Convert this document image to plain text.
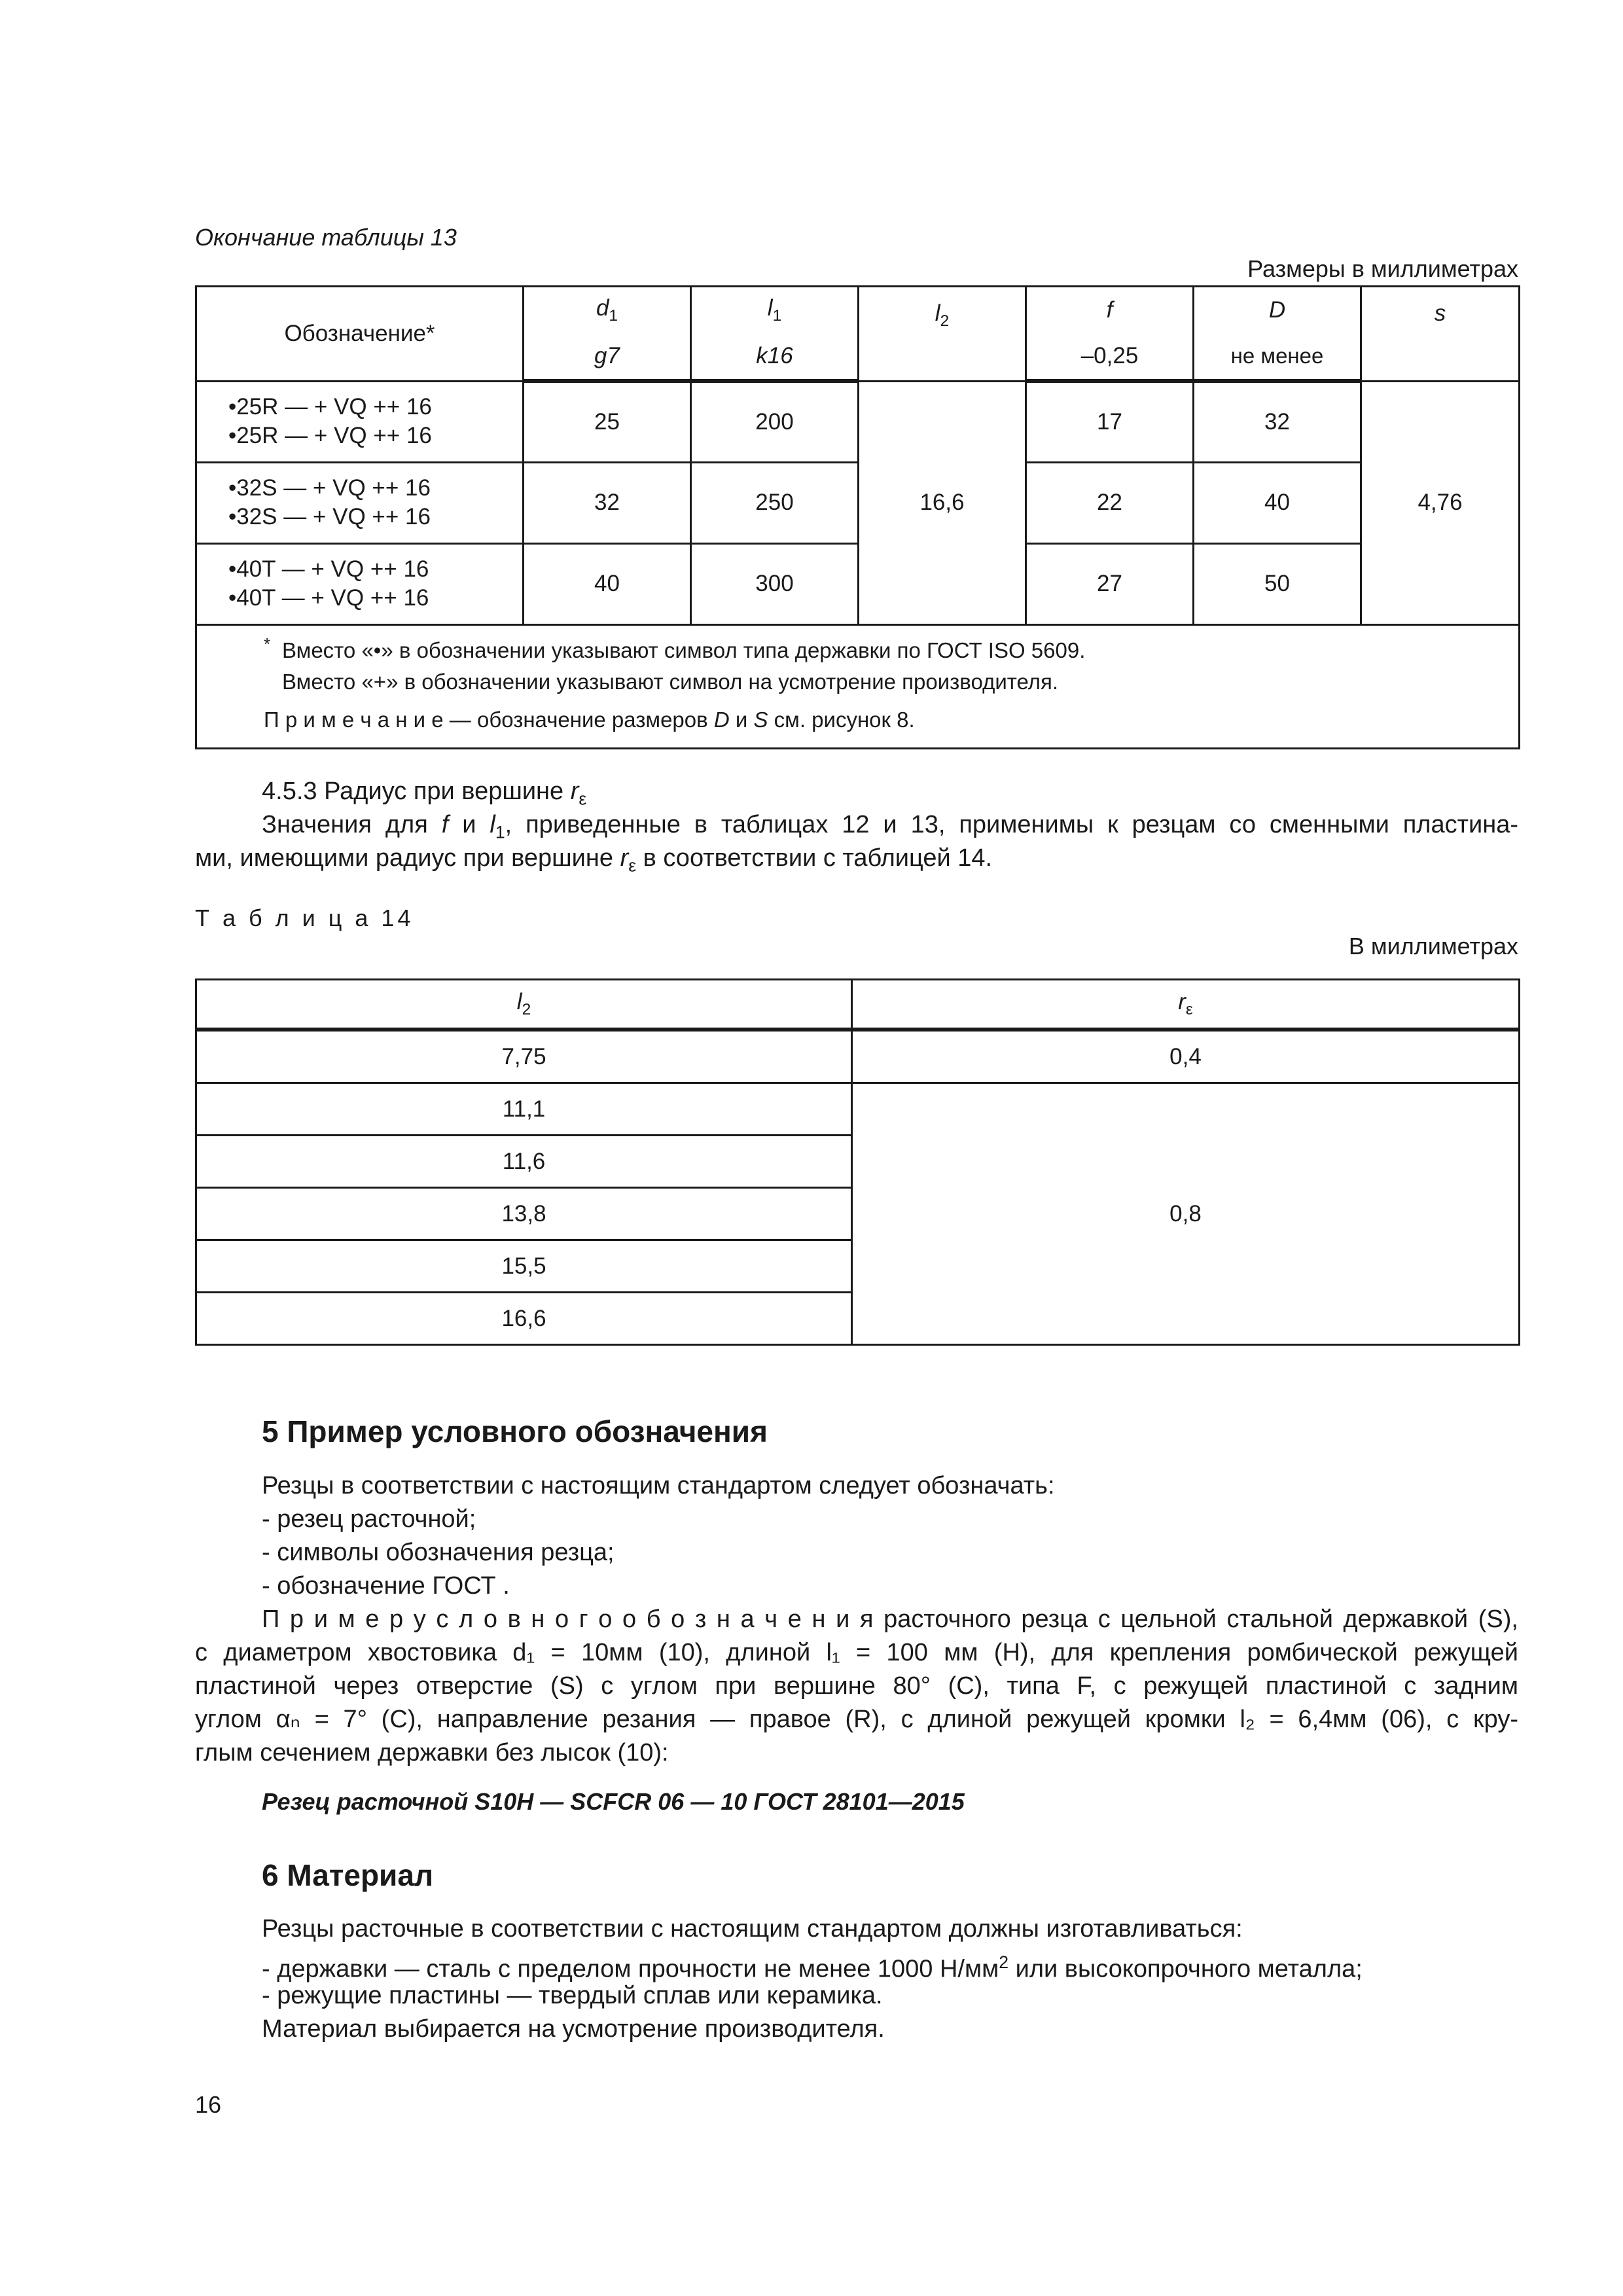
Окончание таблицы 13
Размеры в миллиметрах
Обозначение*	$d_1$	$l_1$	$l_2$	f	D	s
	g7	k16		–0,25	не менее	

•25R — + VQ ++ 16
•25R — + VQ ++ 16	25	200	16,6	17	32	4,76

•32S — + VQ ++ 16
•32S — + VQ ++ 16	32	250		22	40	

•40T — + VQ ++ 16
•40T — + VQ ++ 16	40	300		27	50	

* Вместо «•» в обозначении указывают символ типа державки по ГОСТ ISO 5609.
Вместо «+» в обозначении указывают символ на усмотрение производителя.
П р и м е ч а н и е — обозначение размеров D и S см. рисунок 8.						
4.5.3 Радиус при вершине $r_\varepsilon$
Значения для f и $l_1$, приведенные в таблицах 12 и 13, применимы к резцам со сменными пластина-
ми, имеющими радиус при вершине $r_\varepsilon$ в соответствии с таблицей 14.
Т а б л и ц а 14
В миллиметрах
$l_2$	$r_\varepsilon$
7,75	0,4
11,1	0,8
11,6	
13,8	
15,5	
16,6	
5 Пример условного обозначения
Резцы в соответствии с настоящим стандартом следует обозначать:
- резец расточной;
- символы обозначения резца;
- обозначение ГОСТ .
П р и м е р у с л о в н о г о о б о з н а ч е н и я расточного резца с цельной стальной державкой (S),
с диаметром хвостовика d₁ = 10мм (10), длиной l₁ = 100 мм (H), для крепления ромбической режущей
пластиной через отверстие (S) с углом при вершине 80° (C), типа F, с режущей пластиной с задним
углом αₙ = 7° (C), направление резания — правое (R), с длиной режущей кромки l₂ = 6,4мм (06), с кру-
глым сечением державки без лысок (10):
Резец расточной S10H — SCFCR 06 — 10 ГОСТ 28101—2015
6 Материал
Резцы расточные в соответствии с настоящим стандартом должны изготавливаться:
- державки — сталь с пределом прочности не менее 1000 $Н/мм^2$ или высокопрочного металла;
- режущие пластины — твердый сплав или керамика.
Материал выбирается на усмотрение производителя.
16
